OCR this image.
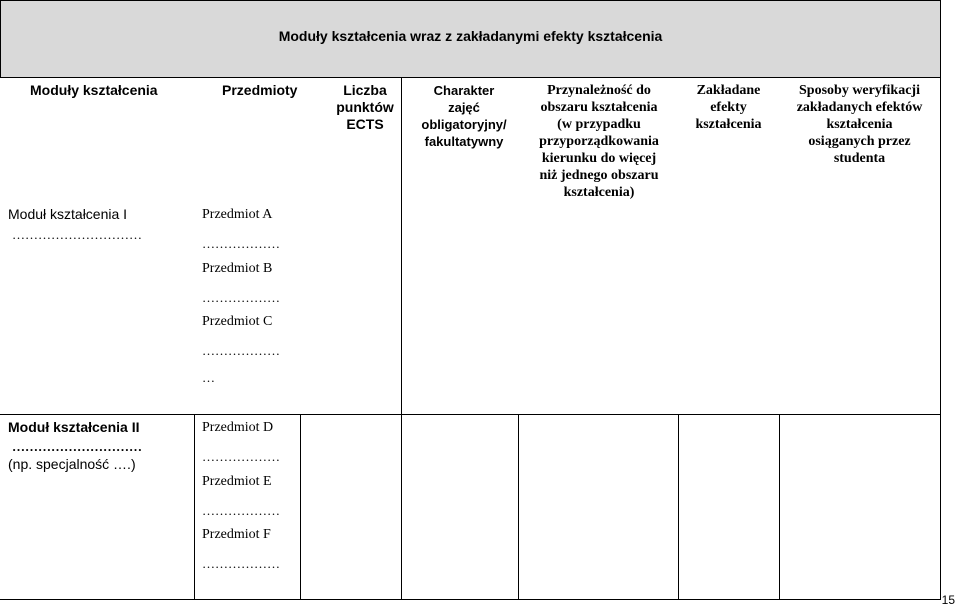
Moduły kształcenia wraz z zakładanymi efekty kształcenia
Moduły kształcenia	Przedmioty	Liczba
punktów
ECTS
Charakter
zajęć
obligatoryjny/
fakultatywny
Przynależność do
obszaru kształcenia
(w przypadku
przyporządkowania
kierunku do więcej
niż jednego obszaru
kształcenia)
Zakładane
efekty
kształcenia
Sposoby weryfikacji
zakładanych efektów
kształcenia
osiąganych przez
studenta
Moduł kształcenia I
…………………………
Przedmiot A
………………
Przedmiot B
………………
Przedmiot C
………………
…
Moduł kształcenia II
…………………………
(np. specjalność ….)
Przedmiot D
………………
Przedmiot E
………………
Przedmiot F
………………
15
